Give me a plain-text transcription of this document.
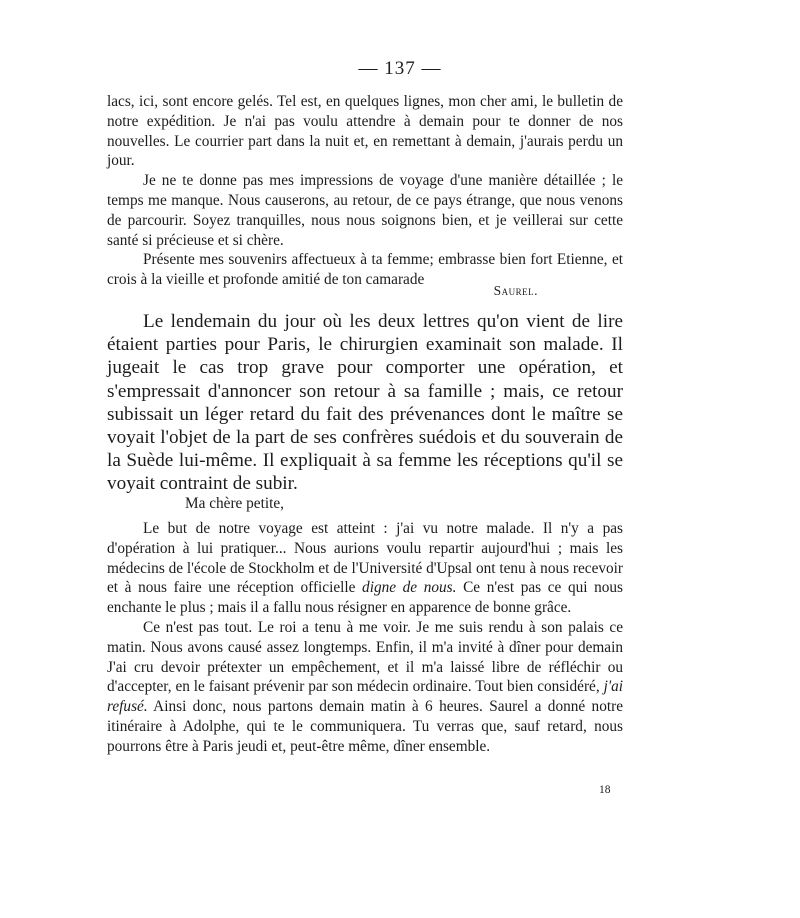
— 137 —

lacs, ici, sont encore gelés. Tel est, en quelques lignes, mon cher ami, le bulletin de notre expédition. Je n'ai pas voulu attendre à demain pour te donner de nos nouvelles. Le courrier part dans la nuit et, en remettant à demain, j'aurais perdu un jour.

Je ne te donne pas mes impressions de voyage d'une manière détaillée ; le temps me manque. Nous causerons, au retour, de ce pays étrange, que nous venons de parcourir. Soyez tranquilles, nous nous soignons bien, et je veillerai sur cette santé si précieuse et si chère.

Présente mes souvenirs affectueux à ta femme; embrasse bien fort Etienne, et crois à la vieille et profonde amitié de ton camarade

Saurel.

Le lendemain du jour où les deux lettres qu'on vient de lire étaient parties pour Paris, le chirurgien examinait son malade. Il jugeait le cas trop grave pour comporter une opération, et s'empressait d'annoncer son retour à sa famille ; mais, ce retour subissait un léger retard du fait des prévenances dont le maître se voyait l'objet de la part de ses confrères suédois et du souverain de la Suède lui-même. Il expliquait à sa femme les réceptions qu'il se voyait contraint de subir.

Ma chère petite,

Le but de notre voyage est atteint : j'ai vu notre malade. Il n'y a pas d'opération à lui pratiquer... Nous aurions voulu repartir aujourd'hui ; mais les médecins de l'école de Stockholm et de l'Université d'Upsal ont tenu à nous recevoir et à nous faire une réception officielle digne de nous. Ce n'est pas ce qui nous enchante le plus ; mais il a fallu nous résigner en apparence de bonne grâce.

Ce n'est pas tout. Le roi a tenu à me voir. Je me suis rendu à son palais ce matin. Nous avons causé assez longtemps. Enfin, il m'a invité à dîner pour demain J'ai cru devoir prétexter un empêchement, et il m'a laissé libre de réfléchir ou d'accepter, en le faisant prévenir par son médecin ordinaire. Tout bien considéré, j'ai refusé. Ainsi donc, nous partons demain matin à 6 heures. Saurel a donné notre itinéraire à Adolphe, qui te le communiquera. Tu verras que, sauf retard, nous pourrons être à Paris jeudi et, peut-être même, dîner ensemble.

18
